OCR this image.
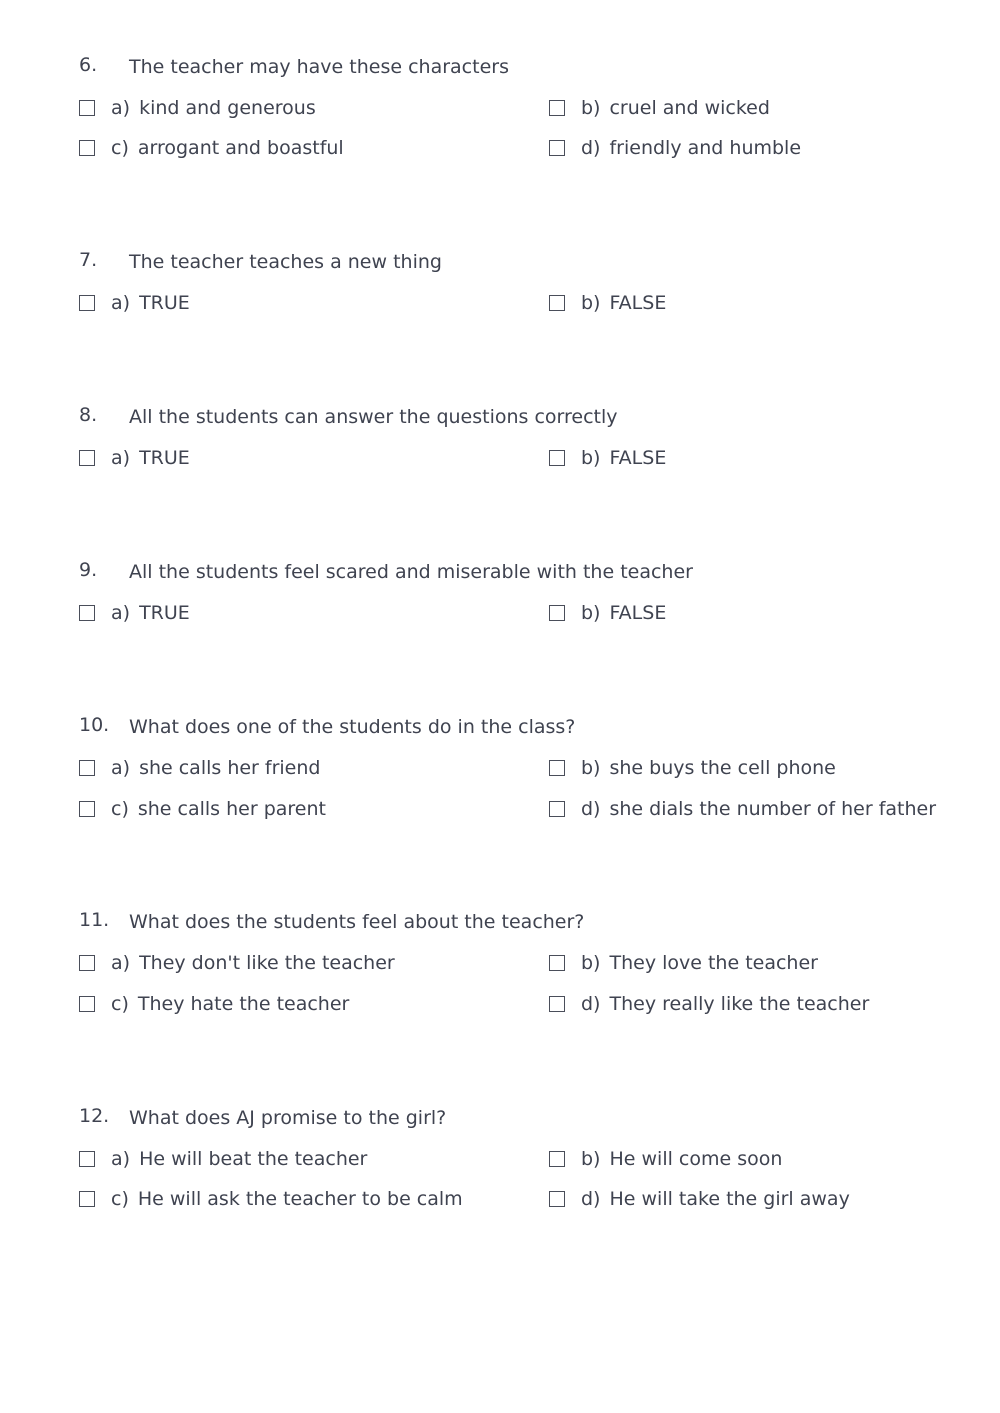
6. The teacher may have these characters
a) kind and generous	b) cruel and wicked
c) arrogant and boastful	d) friendly and humble
7. The teacher teaches a new thing
a) TRUE	b) FALSE
8. All the students can answer the questions correctly
a) TRUE	b) FALSE
9. All the students feel scared and miserable with the teacher
a) TRUE	b) FALSE
10. What does one of the students do in the class?
a) she calls her friend	b) she buys the cell phone
c) she calls her parent	d) she dials the number of her father
11. What does the students feel about the teacher?
a) They don't like the teacher	b) They love the teacher
c) They hate the teacher	d) They really like the teacher
12. What does AJ promise to the girl?
a) He will beat the teacher	b) He will come soon
c) He will ask the teacher to be calm	d) He will take the girl away
